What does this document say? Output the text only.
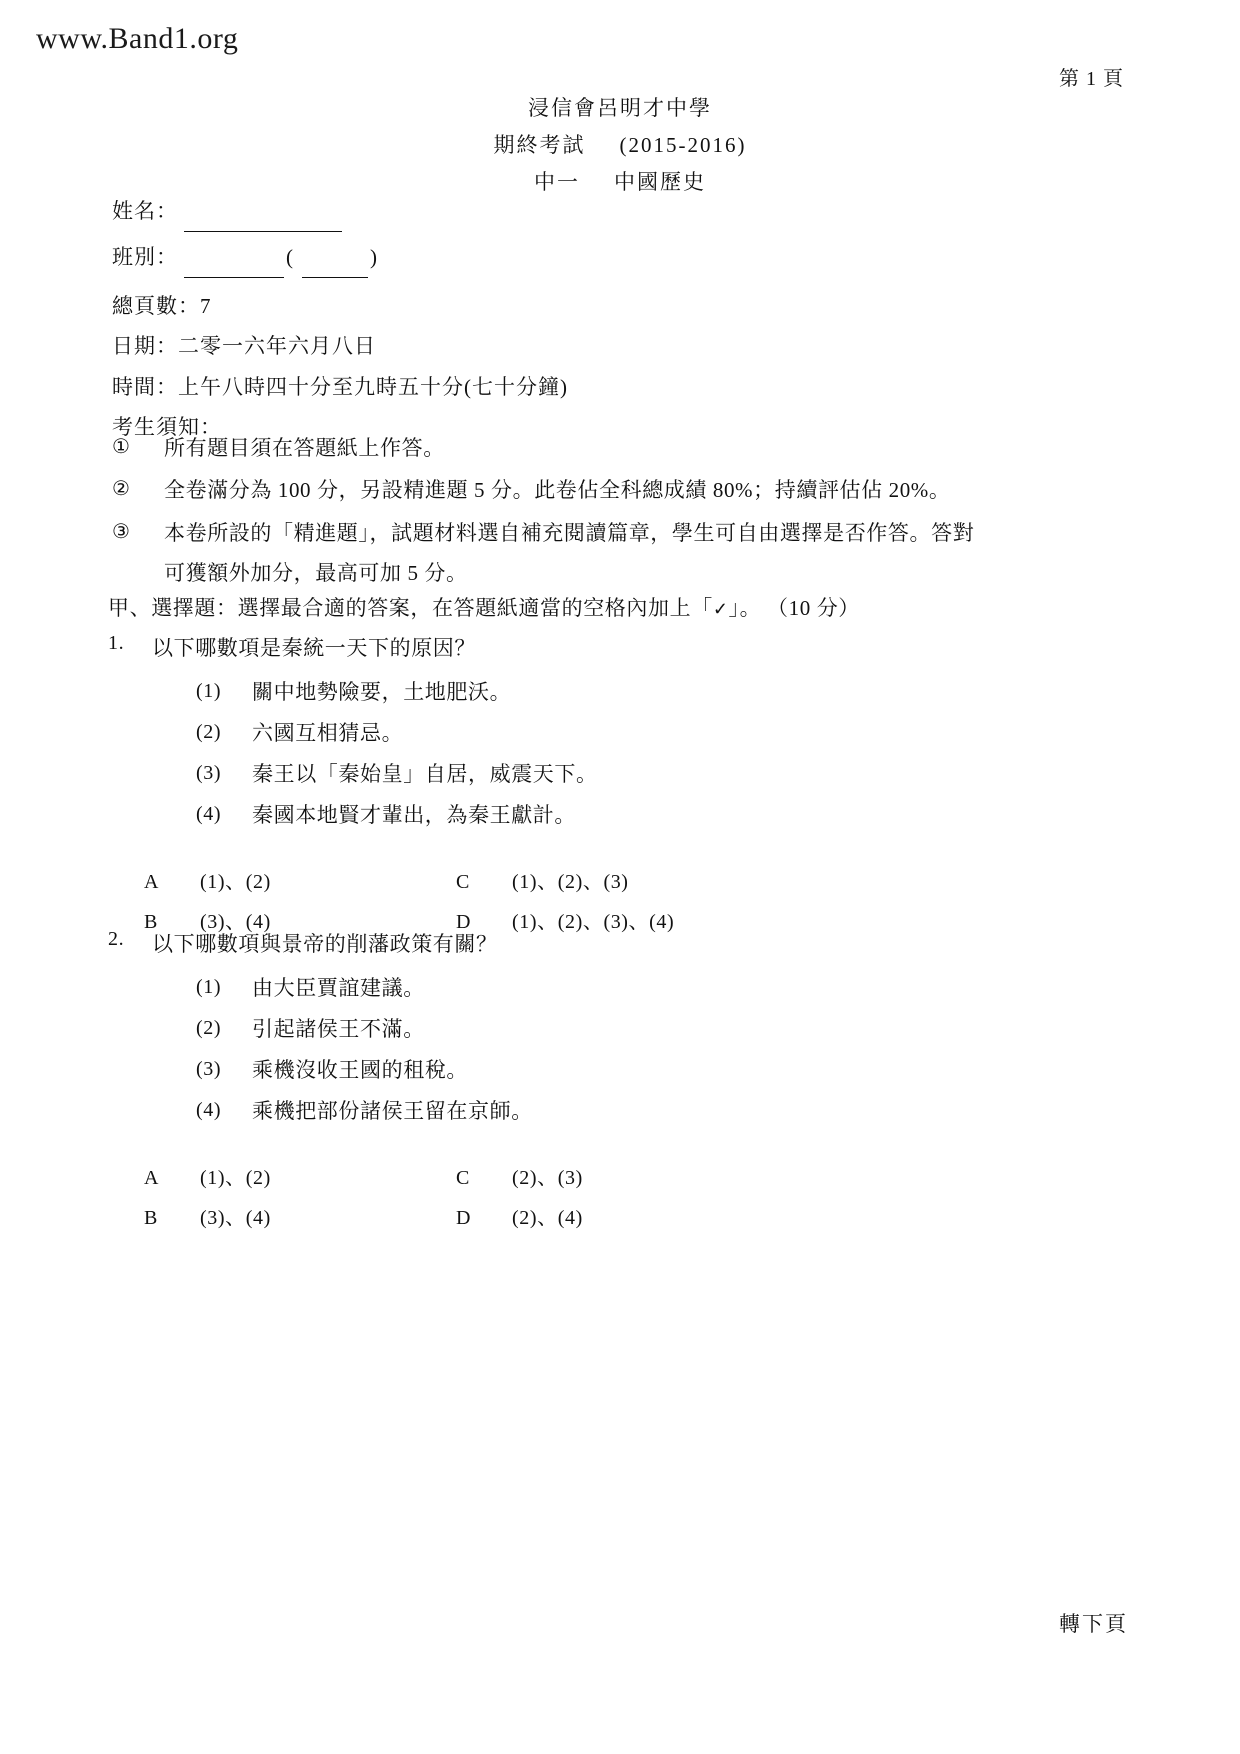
www.Band1.org
第 1 頁
浸信會呂明才中學
期終考試 (2015-2016)
中一 中國歷史
姓名：
班別：	(	)
總頁數：7
日期：二零一六年六月八日
時間：上午八時四十分至九時五十分(七十分鐘)
考生須知：
①	所有題目須在答題紙上作答。
②	全卷滿分為 100 分，另設精進題 5 分。此卷佔全科總成績 80%；持續評估佔 20%。
③	本卷所設的「精進題」，試題材料選自補充閱讀篇章，學生可自由選擇是否作答。答對
可獲額外加分，最高可加 5 分。
甲、選擇題：選擇最合適的答案，在答題紙適當的空格內加上「✓」。 （10 分）
1.	以下哪數項是秦統一天下的原因？
(1)	關中地勢險要，土地肥沃。
(2)	六國互相猜忌。
(3)	秦王以「秦始皇」自居，威震天下。
(4)	秦國本地賢才輩出，為秦王獻計。
A	(1)、(2)	C	(1)、(2)、(3)
B	(3)、(4)	D	(1)、(2)、(3)、(4)
2.	以下哪數項與景帝的削藩政策有關？
(1)	由大臣賈誼建議。
(2)	引起諸侯王不滿。
(3)	乘機沒收王國的租稅。
(4)	乘機把部份諸侯王留在京師。
A	(1)、(2)	C	(2)、(3)
B	(3)、(4)	D	(2)、(4)
轉下頁
